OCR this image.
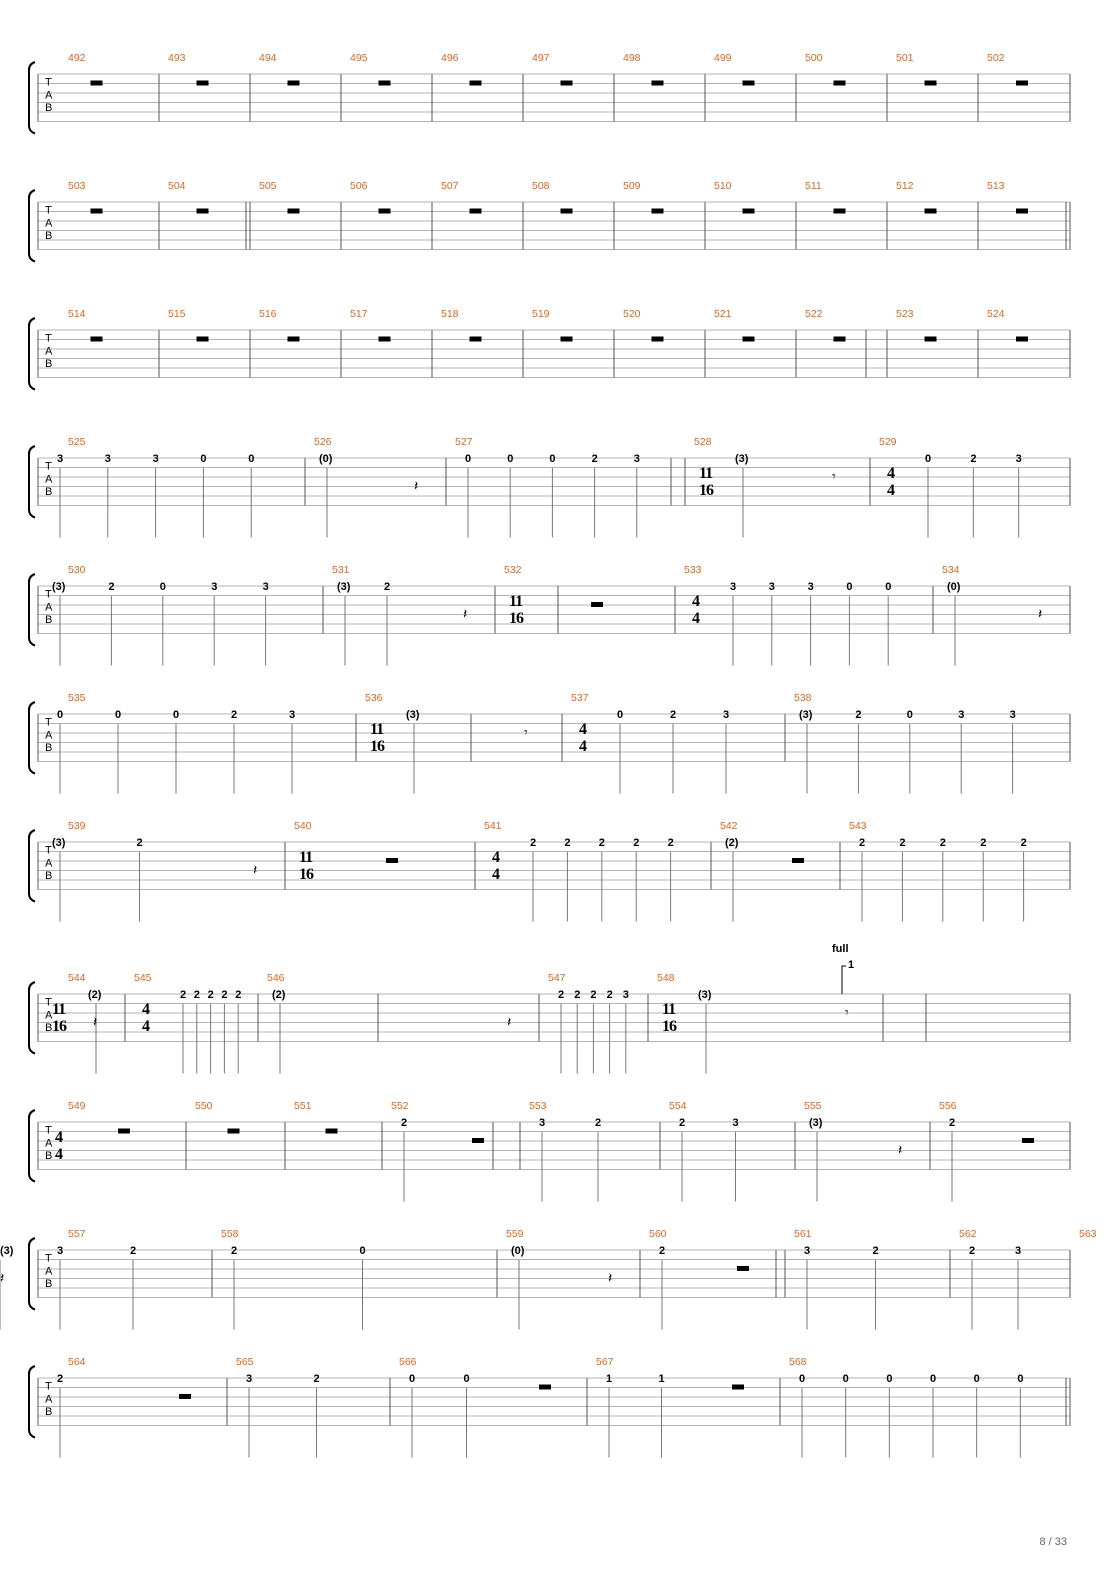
T
A
B
492	493	494	495	496	497	498	499	500	501	502
T
A
B
503	504	505	506	507	508	509	510	511	512	513
T
A
B
514	515	516	517	518	519	520	521	522	523	524
T
A
B
525
3	3	3	0	0
526
(0)
𝄽
527
0	0	0	2	3
528
11
16
(3)
𝄾
529
4
4
0	2	3
T
A
B
530
(3)	2	0	3	3
531
(3)	2
𝄽
532
11
16
533
4
4
3	3	3	0	0
534
(0)
𝄽
T
A
B
535
0	0	0	2	3
536
11
16
(3)
𝄾
537
4
4
0	2	3
538
(3)	2	0	3	3
T
A
B
539
(3)	2
𝄽
540
11
16
541
4
4
2	2	2	2	2
542
(2)
543
2	2	2	2	2
T
A
B
544
11
16
(2)
𝄽
545
4
4
2 2 2 2 2
546
(2)
𝄽
547
2 2 2 2 3
548
11
16
(3)
𝄾
T
A
B
549
4
4
550	551	552
2
553
3	2
554
2	3
555
(3)
𝄽
556
2
T
A
B
557
3	2
558
2	0
559
(0)
𝄽
560
2
561
3	2
562
2	3
563
(3)
𝄽
T
A
B
564
2
565
3	2
566
0	0
567
1	1
568
0	0	0	0	0	0
full
1
8 / 33
